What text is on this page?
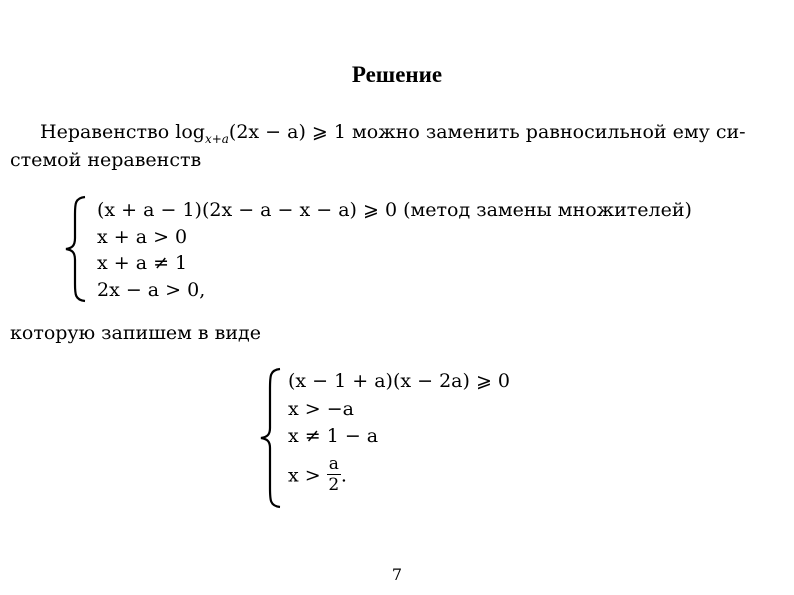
Решение
Неравенство $\log_{x+a}(2x - a)$ ⩾ 1 можно заменить равносильной ему си-
стемой неравенств
(x + a − 1)(2x − a − x − a) ⩾ 0 (метод замены множителей)
x + a > 0
x + a ≠ 1
2x − a > 0,
которую запишем в виде
(x − 1 + a)(x − 2a) ⩾ 0
x > −a
x ≠ 1 − a
$x > \frac{a}{2}$ .
7
